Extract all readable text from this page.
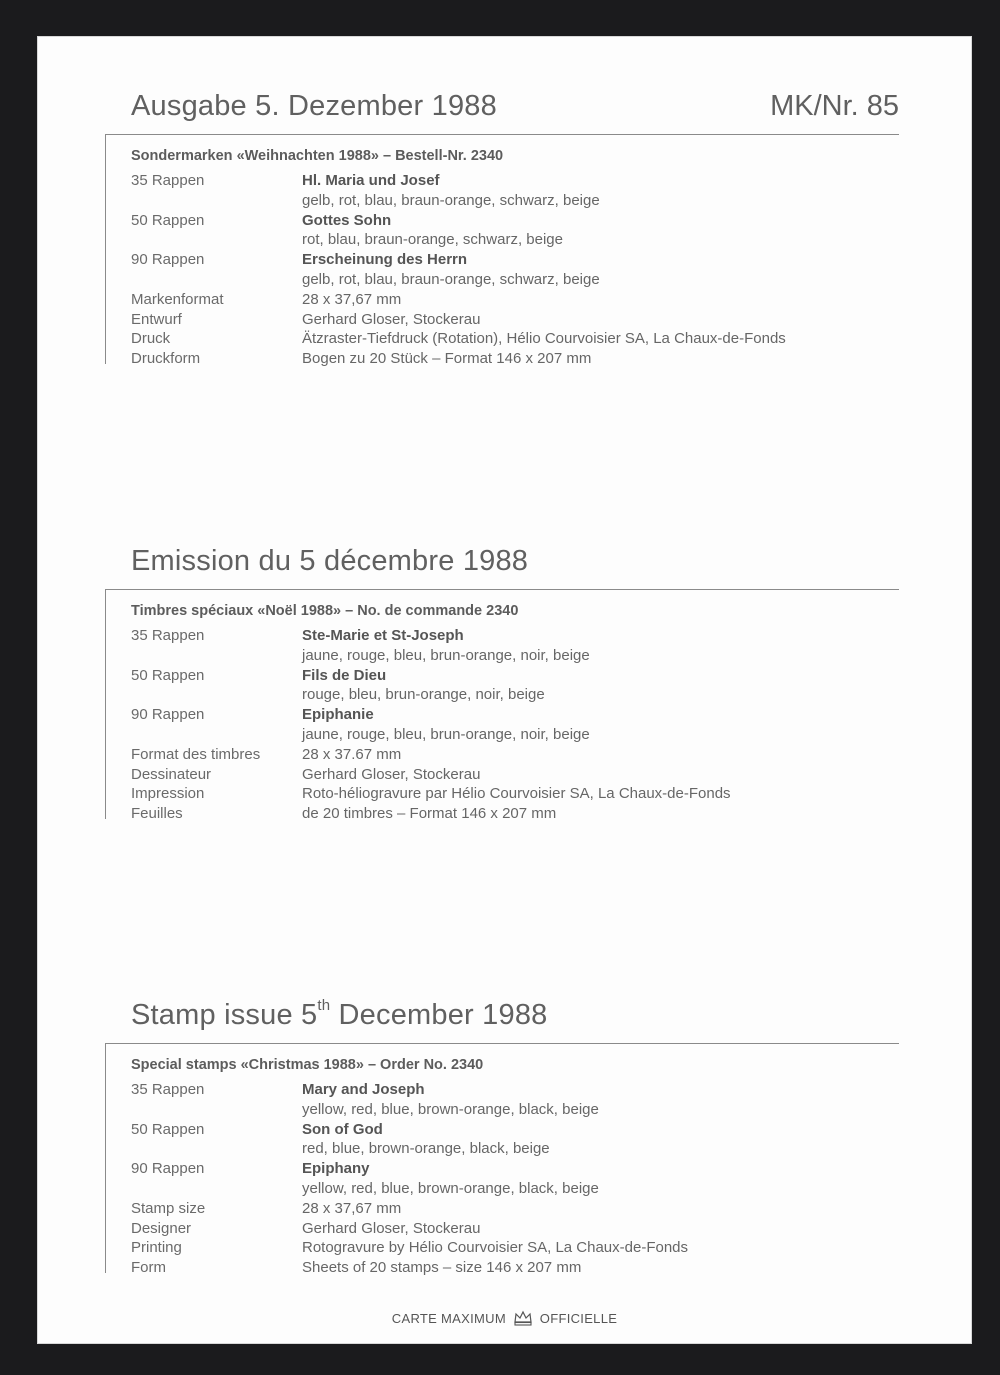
Ausgabe 5. Dezember 1988	MK/Nr. 85
Sondermarken «Weihnachten 1988» – Bestell-Nr. 2340
35 Rappen	Hl. Maria und Josef
gelb, rot, blau, braun-orange, schwarz, beige
50 Rappen	Gottes Sohn
rot, blau, braun-orange, schwarz, beige
90 Rappen	Erscheinung des Herrn
gelb, rot, blau, braun-orange, schwarz, beige
Markenformat	28 x 37,67 mm
Entwurf	Gerhard Gloser, Stockerau
Druck	Ätzraster-Tiefdruck (Rotation), Hélio Courvoisier SA, La Chaux-de-Fonds
Druckform	Bogen zu 20 Stück – Format 146 x 207 mm
Emission du 5 décembre 1988
Timbres spéciaux «Noël 1988» – No. de commande 2340
35 Rappen	Ste-Marie et St-Joseph
jaune, rouge, bleu, brun-orange, noir, beige
50 Rappen	Fils de Dieu
rouge, bleu, brun-orange, noir, beige
90 Rappen	Epiphanie
jaune, rouge, bleu, brun-orange, noir, beige
Format des timbres	28 x 37.67 mm
Dessinateur	Gerhard Gloser, Stockerau
Impression	Roto-héliogravure par Hélio Courvoisier SA, La Chaux-de-Fonds
Feuilles	de 20 timbres – Format 146 x 207 mm
Stamp issue 5th December 1988
Special stamps «Christmas 1988» – Order No. 2340
35 Rappen	Mary and Joseph
yellow, red, blue, brown-orange, black, beige
50 Rappen	Son of God
red, blue, brown-orange, black, beige
90 Rappen	Epiphany
yellow, red, blue, brown-orange, black, beige
Stamp size	28 x 37,67 mm
Designer	Gerhard Gloser, Stockerau
Printing	Rotogravure by Hélio Courvoisier SA, La Chaux-de-Fonds
Form	Sheets of 20 stamps – size 146 x 207 mm
CARTE MAXIMUM	OFFICIELLE
